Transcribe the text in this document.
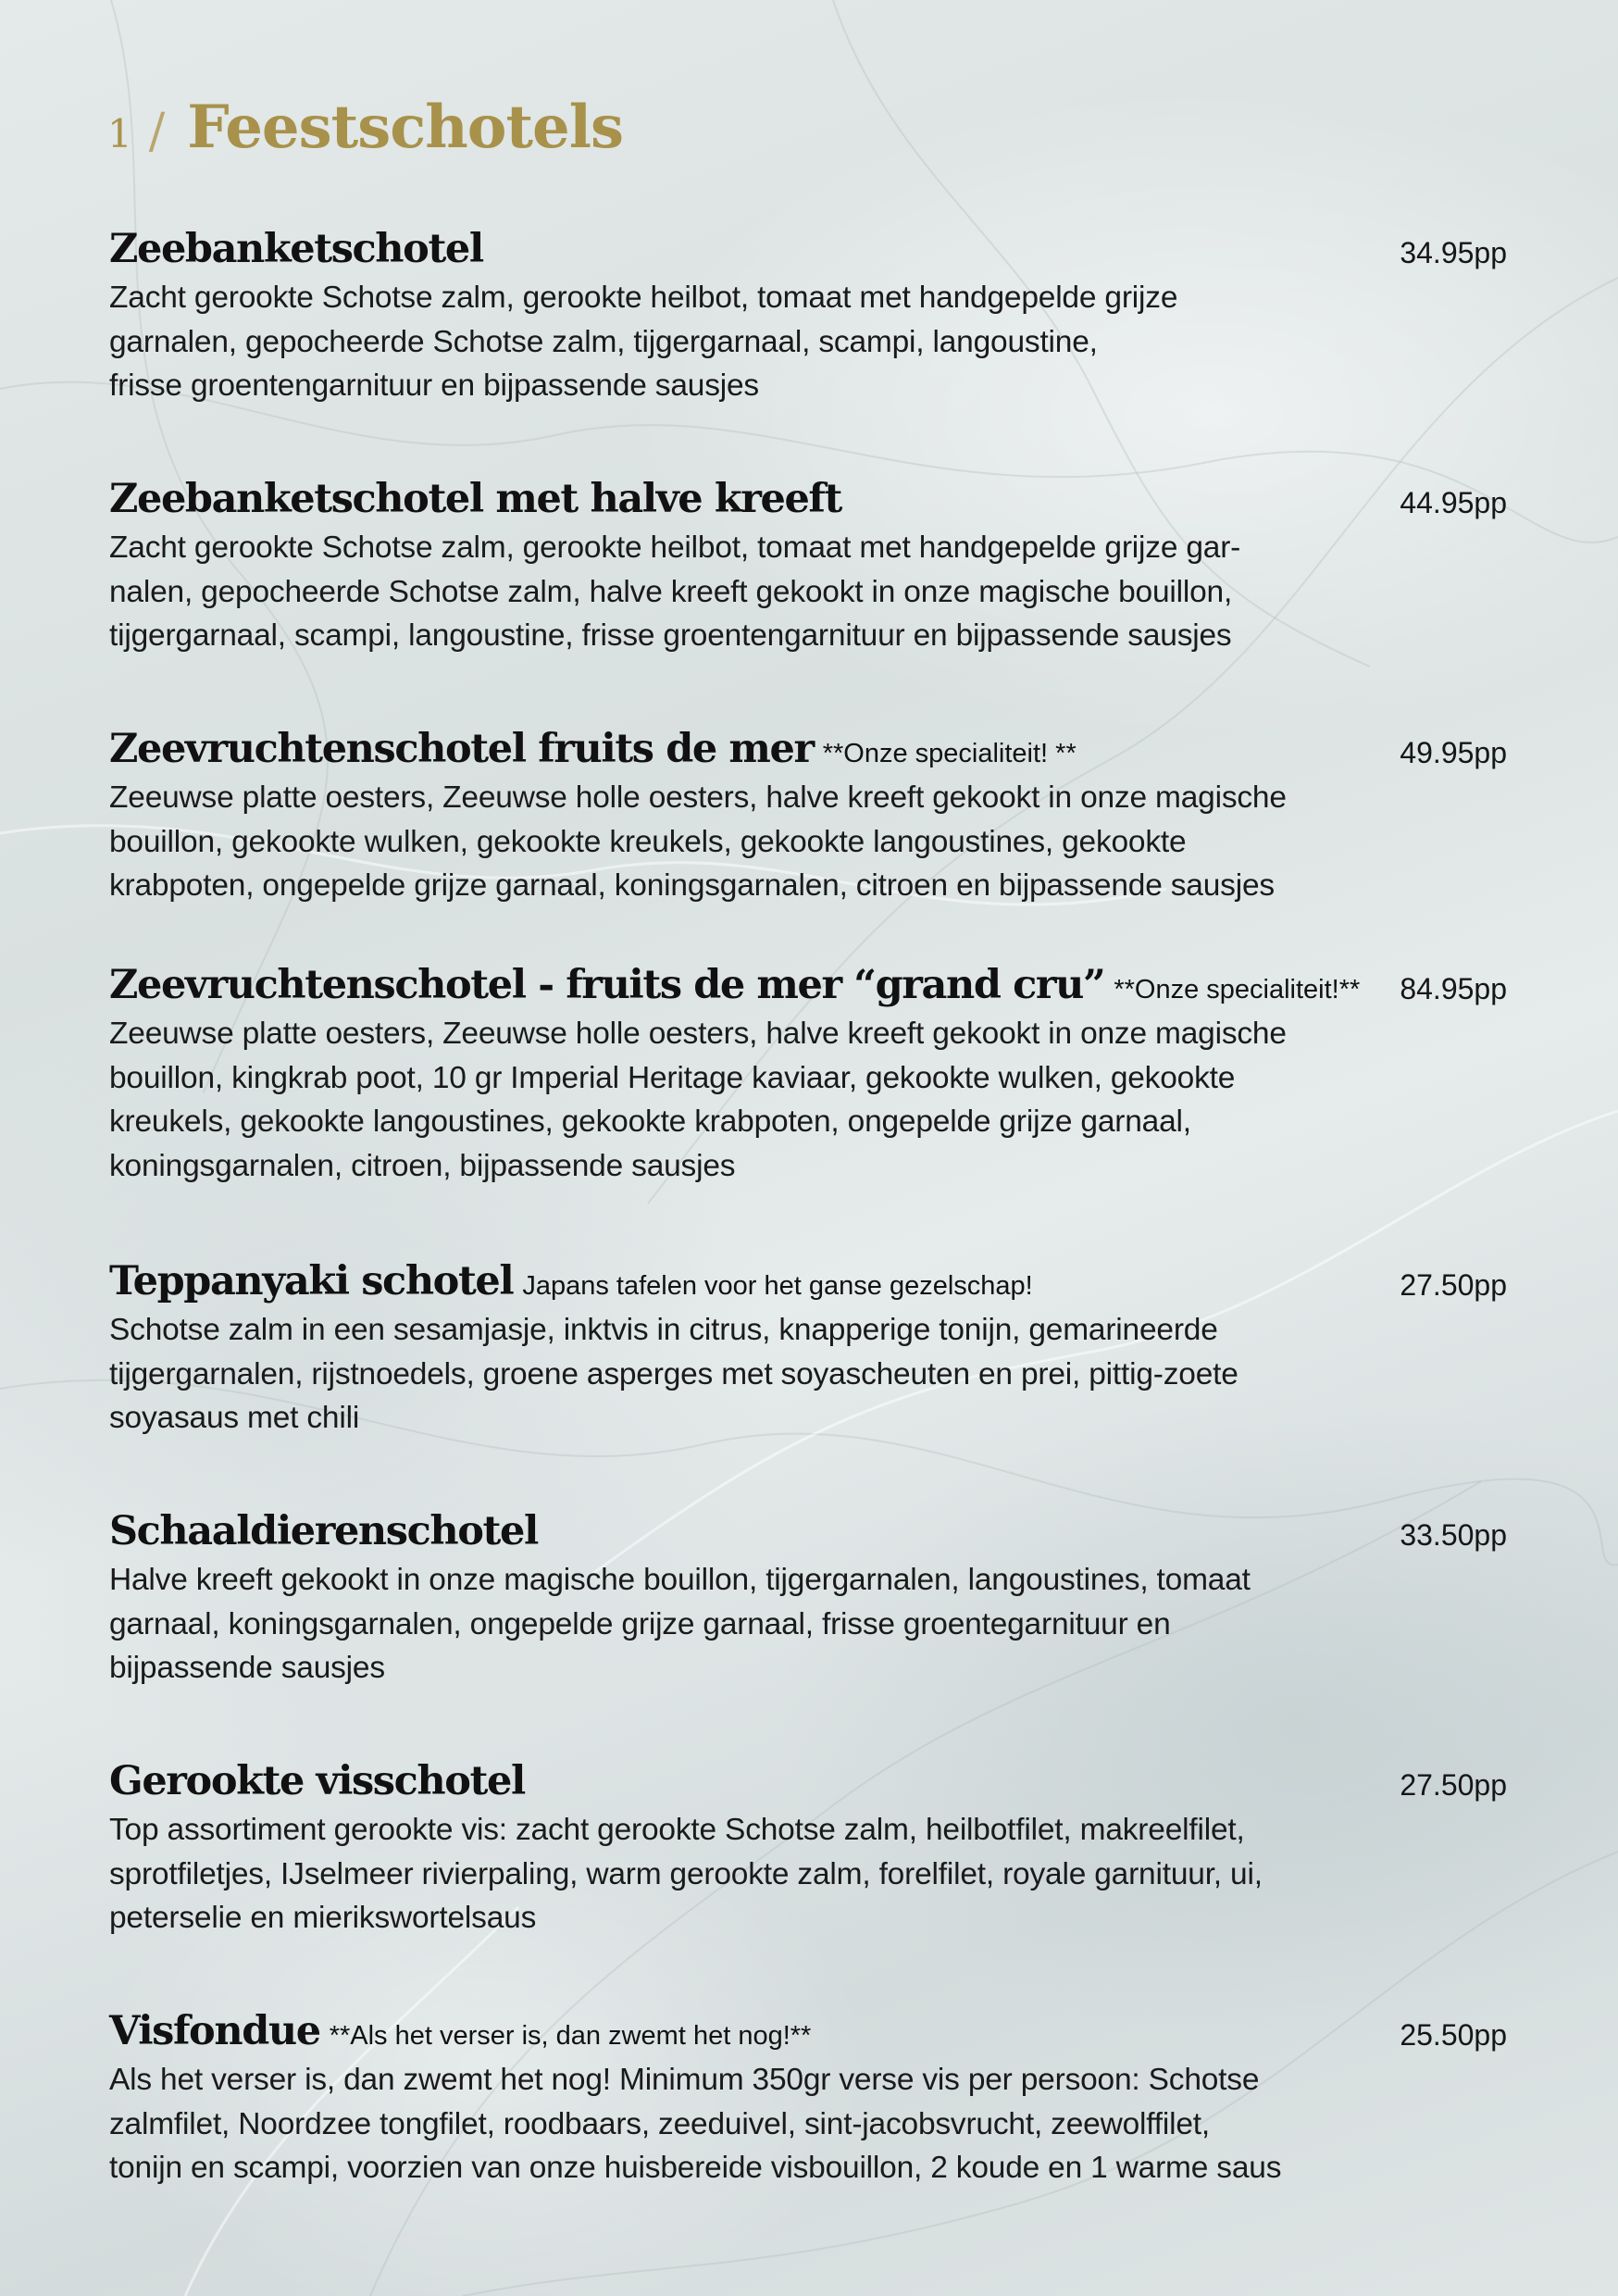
1 / Feestschotels
Zeebanketschotel	34.95pp
Zacht gerookte Schotse zalm, gerookte heilbot, tomaat met handgepelde grijze
garnalen, gepocheerde Schotse zalm, tijgergarnaal, scampi, langoustine,
frisse groentengarnituur en bijpassende sausjes
Zeebanketschotel met halve kreeft	44.95pp
Zacht gerookte Schotse zalm, gerookte heilbot, tomaat met handgepelde grijze gar-
nalen, gepocheerde Schotse zalm, halve kreeft gekookt in onze magische bouillon,
tijgergarnaal, scampi, langoustine, frisse groentengarnituur en bijpassende sausjes
Zeevruchtenschotel fruits de mer **Onze specialiteit! **	49.95pp
Zeeuwse platte oesters, Zeeuwse holle oesters, halve kreeft gekookt in onze magische
bouillon, gekookte wulken, gekookte kreukels, gekookte langoustines, gekookte
krabpoten, ongepelde grijze garnaal, koningsgarnalen, citroen en bijpassende sausjes
Zeevruchtenschotel - fruits de mer “grand cru” **Onze specialiteit!** 84.95pp
Zeeuwse platte oesters, Zeeuwse holle oesters, halve kreeft gekookt in onze magische
bouillon, kingkrab poot, 10 gr Imperial Heritage kaviaar, gekookte wulken, gekookte
kreukels, gekookte langoustines, gekookte krabpoten, ongepelde grijze garnaal,
koningsgarnalen, citroen, bijpassende sausjes
Teppanyaki schotel Japans tafelen voor het ganse gezelschap!	27.50pp
Schotse zalm in een sesamjasje, inktvis in citrus, knapperige tonijn, gemarineerde
tijgergarnalen, rijstnoedels, groene asperges met soyascheuten en prei, pittig-zoete
soyasaus met chili
Schaaldierenschotel	33.50pp
Halve kreeft gekookt in onze magische bouillon, tijgergarnalen, langoustines, tomaat
garnaal, koningsgarnalen, ongepelde grijze garnaal, frisse groentegarnituur en
bijpassende sausjes
Gerookte visschotel	27.50pp
Top assortiment gerookte vis: zacht gerookte Schotse zalm, heilbotfilet, makreelfilet,
sprotfiletjes, IJselmeer rivierpaling, warm gerookte zalm, forelfilet, royale garnituur, ui,
peterselie en mierikswortelsaus
Visfondue **Als het verser is, dan zwemt het nog!**	25.50pp
Als het verser is, dan zwemt het nog! Minimum 350gr verse vis per persoon: Schotse
zalmfilet, Noordzee tongfilet, roodbaars, zeeduivel, sint-jacobsvrucht, zeewolffilet,
tonijn en scampi, voorzien van onze huisbereide visbouillon, 2 koude en 1 warme saus
